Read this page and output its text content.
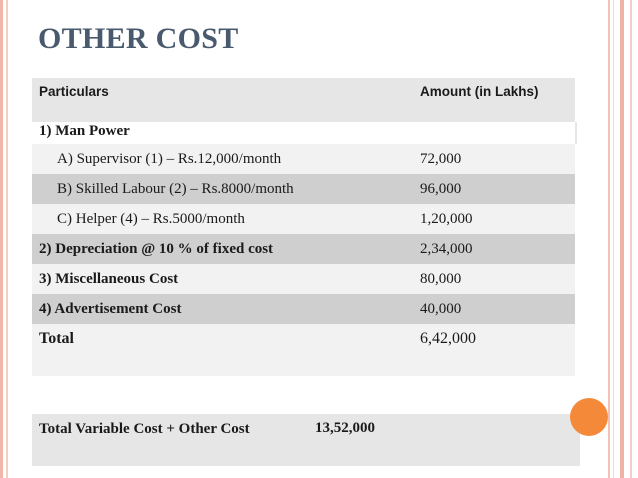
OTHER COST
Particulars	Amount (in Lakhs)
1) Man Power
A) Supervisor (1) – Rs.12,000/month	72,000
B) Skilled Labour (2) – Rs.8000/month	96,000
C) Helper (4) – Rs.5000/month	1,20,000
2) Depreciation @ 10 % of fixed cost	2,34,000
3) Miscellaneous Cost	80,000
4) Advertisement Cost	40,000
Total	6,42,000
Total Variable Cost + Other Cost	13,52,000
